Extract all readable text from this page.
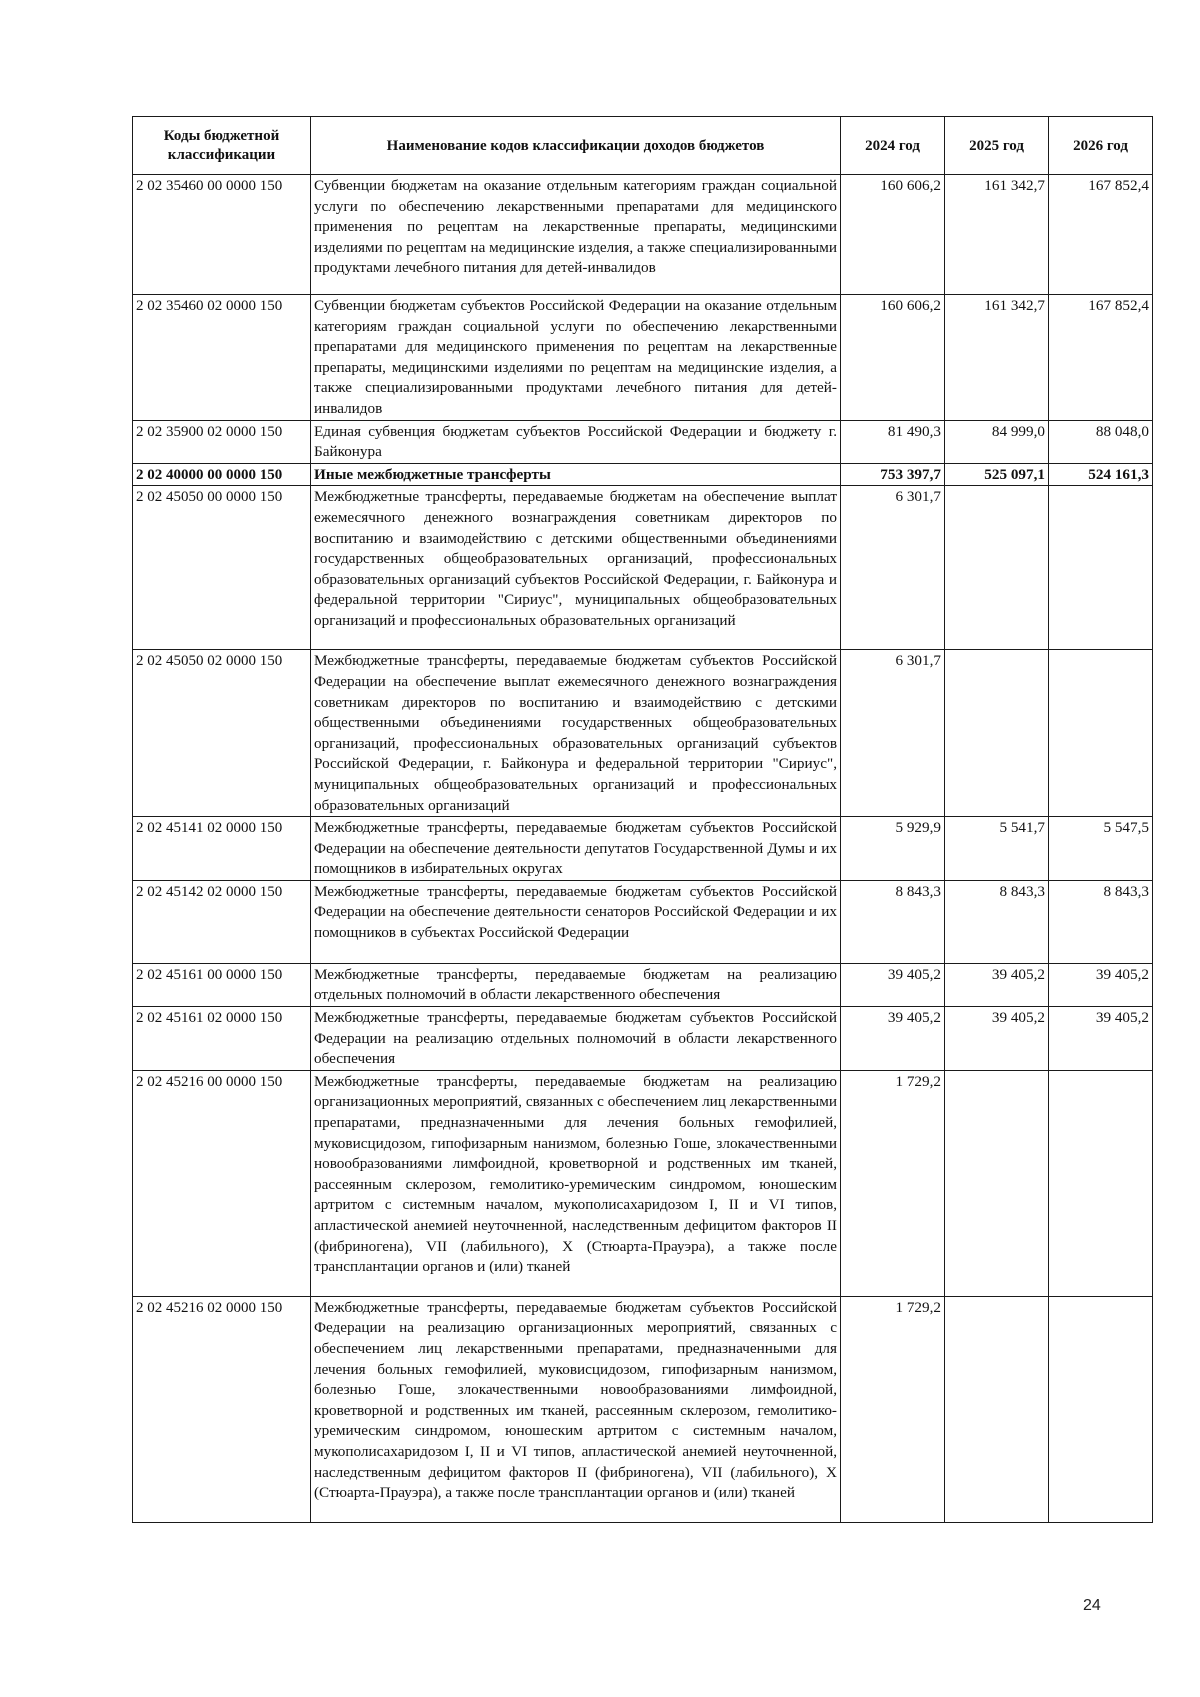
Коды бюджетной классификации	Наименование кодов классификации доходов бюджетов	2024 год	2025 год	2026 год
2 02 35460 00 0000 150	Субвенции бюджетам на оказание отдельным категориям граждан социальной услуги по обеспечению лекарственными препаратами для медицинского применения по рецептам на лекарственные препараты, медицинскими изделиями по рецептам на медицинские изделия, а также специализированными продуктами лечебного питания для детей-инвалидов	160 606,2	161 342,7	167 852,4
2 02 35460 02 0000 150	Субвенции бюджетам субъектов Российской Федерации на оказание отдельным категориям граждан социальной услуги по обеспечению лекарственными препаратами для медицинского применения по рецептам на лекарственные препараты, медицинскими изделиями по рецептам на медицинские изделия, а также специализированными продуктами лечебного питания для детей-инвалидов	160 606,2	161 342,7	167 852,4
2 02 35900 02 0000 150	Единая субвенция бюджетам субъектов Российской Федерации и бюджету г. Байконура	81 490,3	84 999,0	88 048,0
2 02 40000 00 0000 150	Иные межбюджетные трансферты	753 397,7	525 097,1	524 161,3
2 02 45050 00 0000 150	Межбюджетные трансферты, передаваемые бюджетам на обеспечение выплат ежемесячного денежного вознаграждения советникам директоров по воспитанию и взаимодействию с детскими общественными объединениями государственных общеобразовательных организаций, профессиональных образовательных организаций субъектов Российской Федерации, г. Байконура и федеральной территории "Сириус", муниципальных общеобразовательных организаций и профессиональных образовательных организаций	6 301,7		
2 02 45050 02 0000 150	Межбюджетные трансферты, передаваемые бюджетам субъектов Российской Федерации на обеспечение выплат ежемесячного денежного вознаграждения советникам директоров по воспитанию и взаимодействию с детскими общественными объединениями государственных общеобразовательных организаций, профессиональных образовательных организаций субъектов Российской Федерации, г. Байконура и федеральной территории "Сириус", муниципальных общеобразовательных организаций и профессиональных образовательных организаций	6 301,7		
2 02 45141 02 0000 150	Межбюджетные трансферты, передаваемые бюджетам субъектов Российской Федерации на обеспечение деятельности депутатов Государственной Думы и их помощников в избирательных округах	5 929,9	5 541,7	5 547,5
2 02 45142 02 0000 150	Межбюджетные трансферты, передаваемые бюджетам субъектов Российской Федерации на обеспечение деятельности сенаторов Российской Федерации и их помощников в субъектах Российской Федерации	8 843,3	8 843,3	8 843,3
2 02 45161 00 0000 150	Межбюджетные трансферты, передаваемые бюджетам на реализацию отдельных полномочий в области лекарственного обеспечения	39 405,2	39 405,2	39 405,2
2 02 45161 02 0000 150	Межбюджетные трансферты, передаваемые бюджетам субъектов Российской Федерации на реализацию отдельных полномочий в области лекарственного обеспечения	39 405,2	39 405,2	39 405,2
2 02 45216 00 0000 150	Межбюджетные трансферты, передаваемые бюджетам на реализацию организационных мероприятий, связанных с обеспечением лиц лекарственными препаратами, предназначенными для лечения больных гемофилией, муковисцидозом, гипофизарным нанизмом, болезнью Гоше, злокачественными новообразованиями лимфоидной, кроветворной и родственных им тканей, рассеянным склерозом, гемолитико-уремическим синдромом, юношеским артритом с системным началом, мукополисахаридозом I, II и VI типов, апластической анемией неуточненной, наследственным дефицитом факторов II (фибриногена), VII (лабильного), X (Стюарта-Прауэра), а также после трансплантации органов и (или) тканей	1 729,2		
2 02 45216 02 0000 150	Межбюджетные трансферты, передаваемые бюджетам субъектов Российской Федерации на реализацию организационных мероприятий, связанных с обеспечением лиц лекарственными препаратами, предназначенными для лечения больных гемофилией, муковисцидозом, гипофизарным нанизмом, болезнью Гоше, злокачественными новообразованиями лимфоидной, кроветворной и родственных им тканей, рассеянным склерозом, гемолитико-уремическим синдромом, юношеским артритом с системным началом, мукополисахаридозом I, II и VI типов, апластической анемией неуточненной, наследственным дефицитом факторов II (фибриногена), VII (лабильного), X (Стюарта-Прауэра), а также после трансплантации органов и (или) тканей	1 729,2		
24
